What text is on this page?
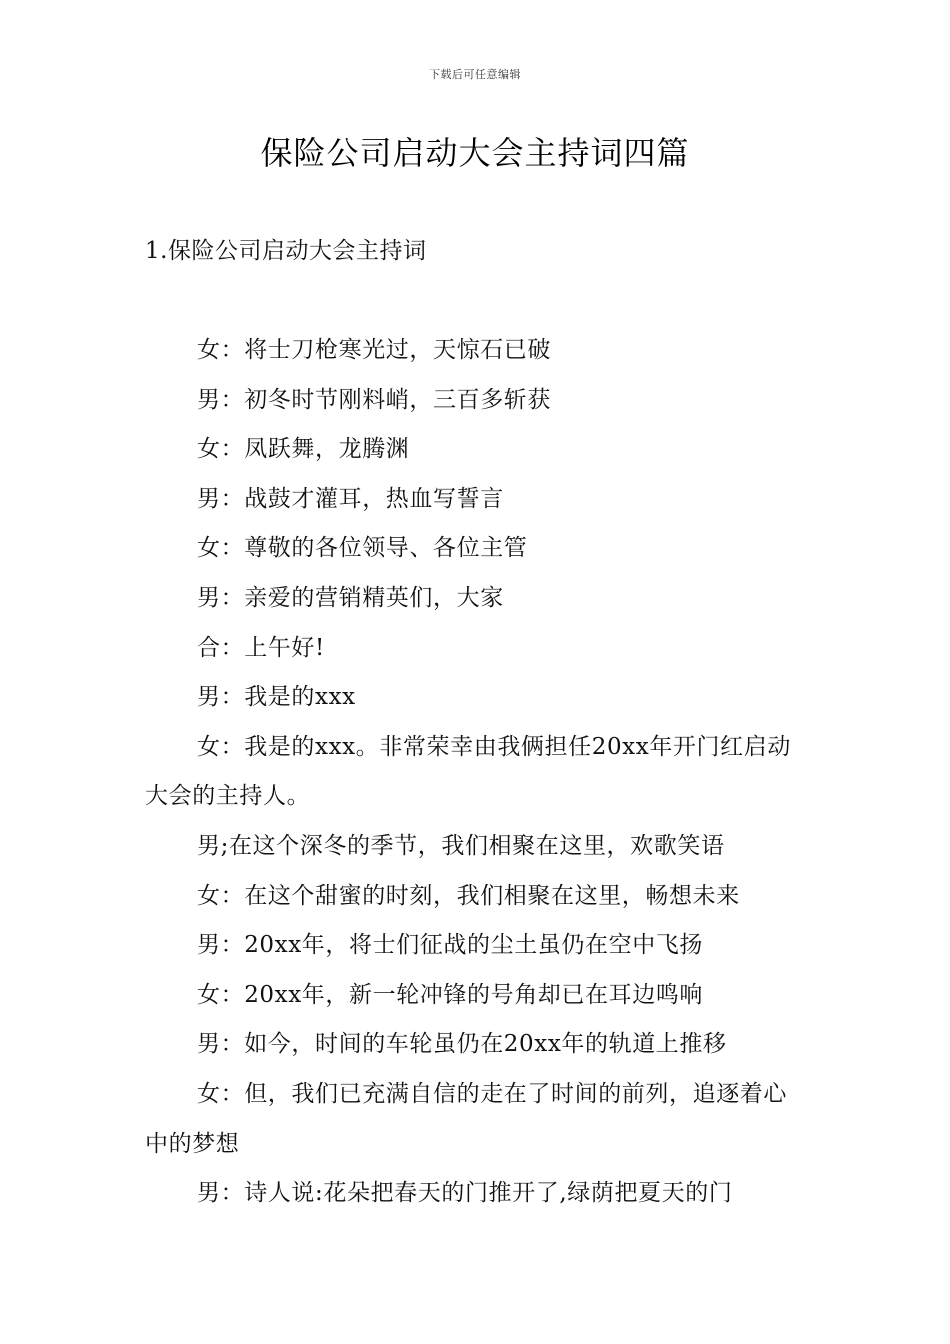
下载后可任意编辑
保险公司启动大会主持词四篇
1.保险公司启动大会主持词
女：将士刀枪寒光过，天惊石已破
男：初冬时节刚料峭，三百多斩获
女：凤跃舞，龙腾渊
男：战鼓才灌耳，热血写誓言
女：尊敬的各位领导、各位主管
男：亲爱的营销精英们，大家
合：上午好!
男：我是的xxx
女：我是的xxx。非常荣幸由我俩担任20xx年开门红启动大会的主持人。
男;在这个深冬的季节，我们相聚在这里，欢歌笑语
女：在这个甜蜜的时刻，我们相聚在这里，畅想未来
男：20xx年，将士们征战的尘土虽仍在空中飞扬
女：20xx年，新一轮冲锋的号角却已在耳边鸣响
男：如今，时间的车轮虽仍在20xx年的轨道上推移
女：但，我们已充满自信的走在了时间的前列，追逐着心中的梦想
男：诗人说:花朵把春天的门推开了,绿荫把夏天的门
